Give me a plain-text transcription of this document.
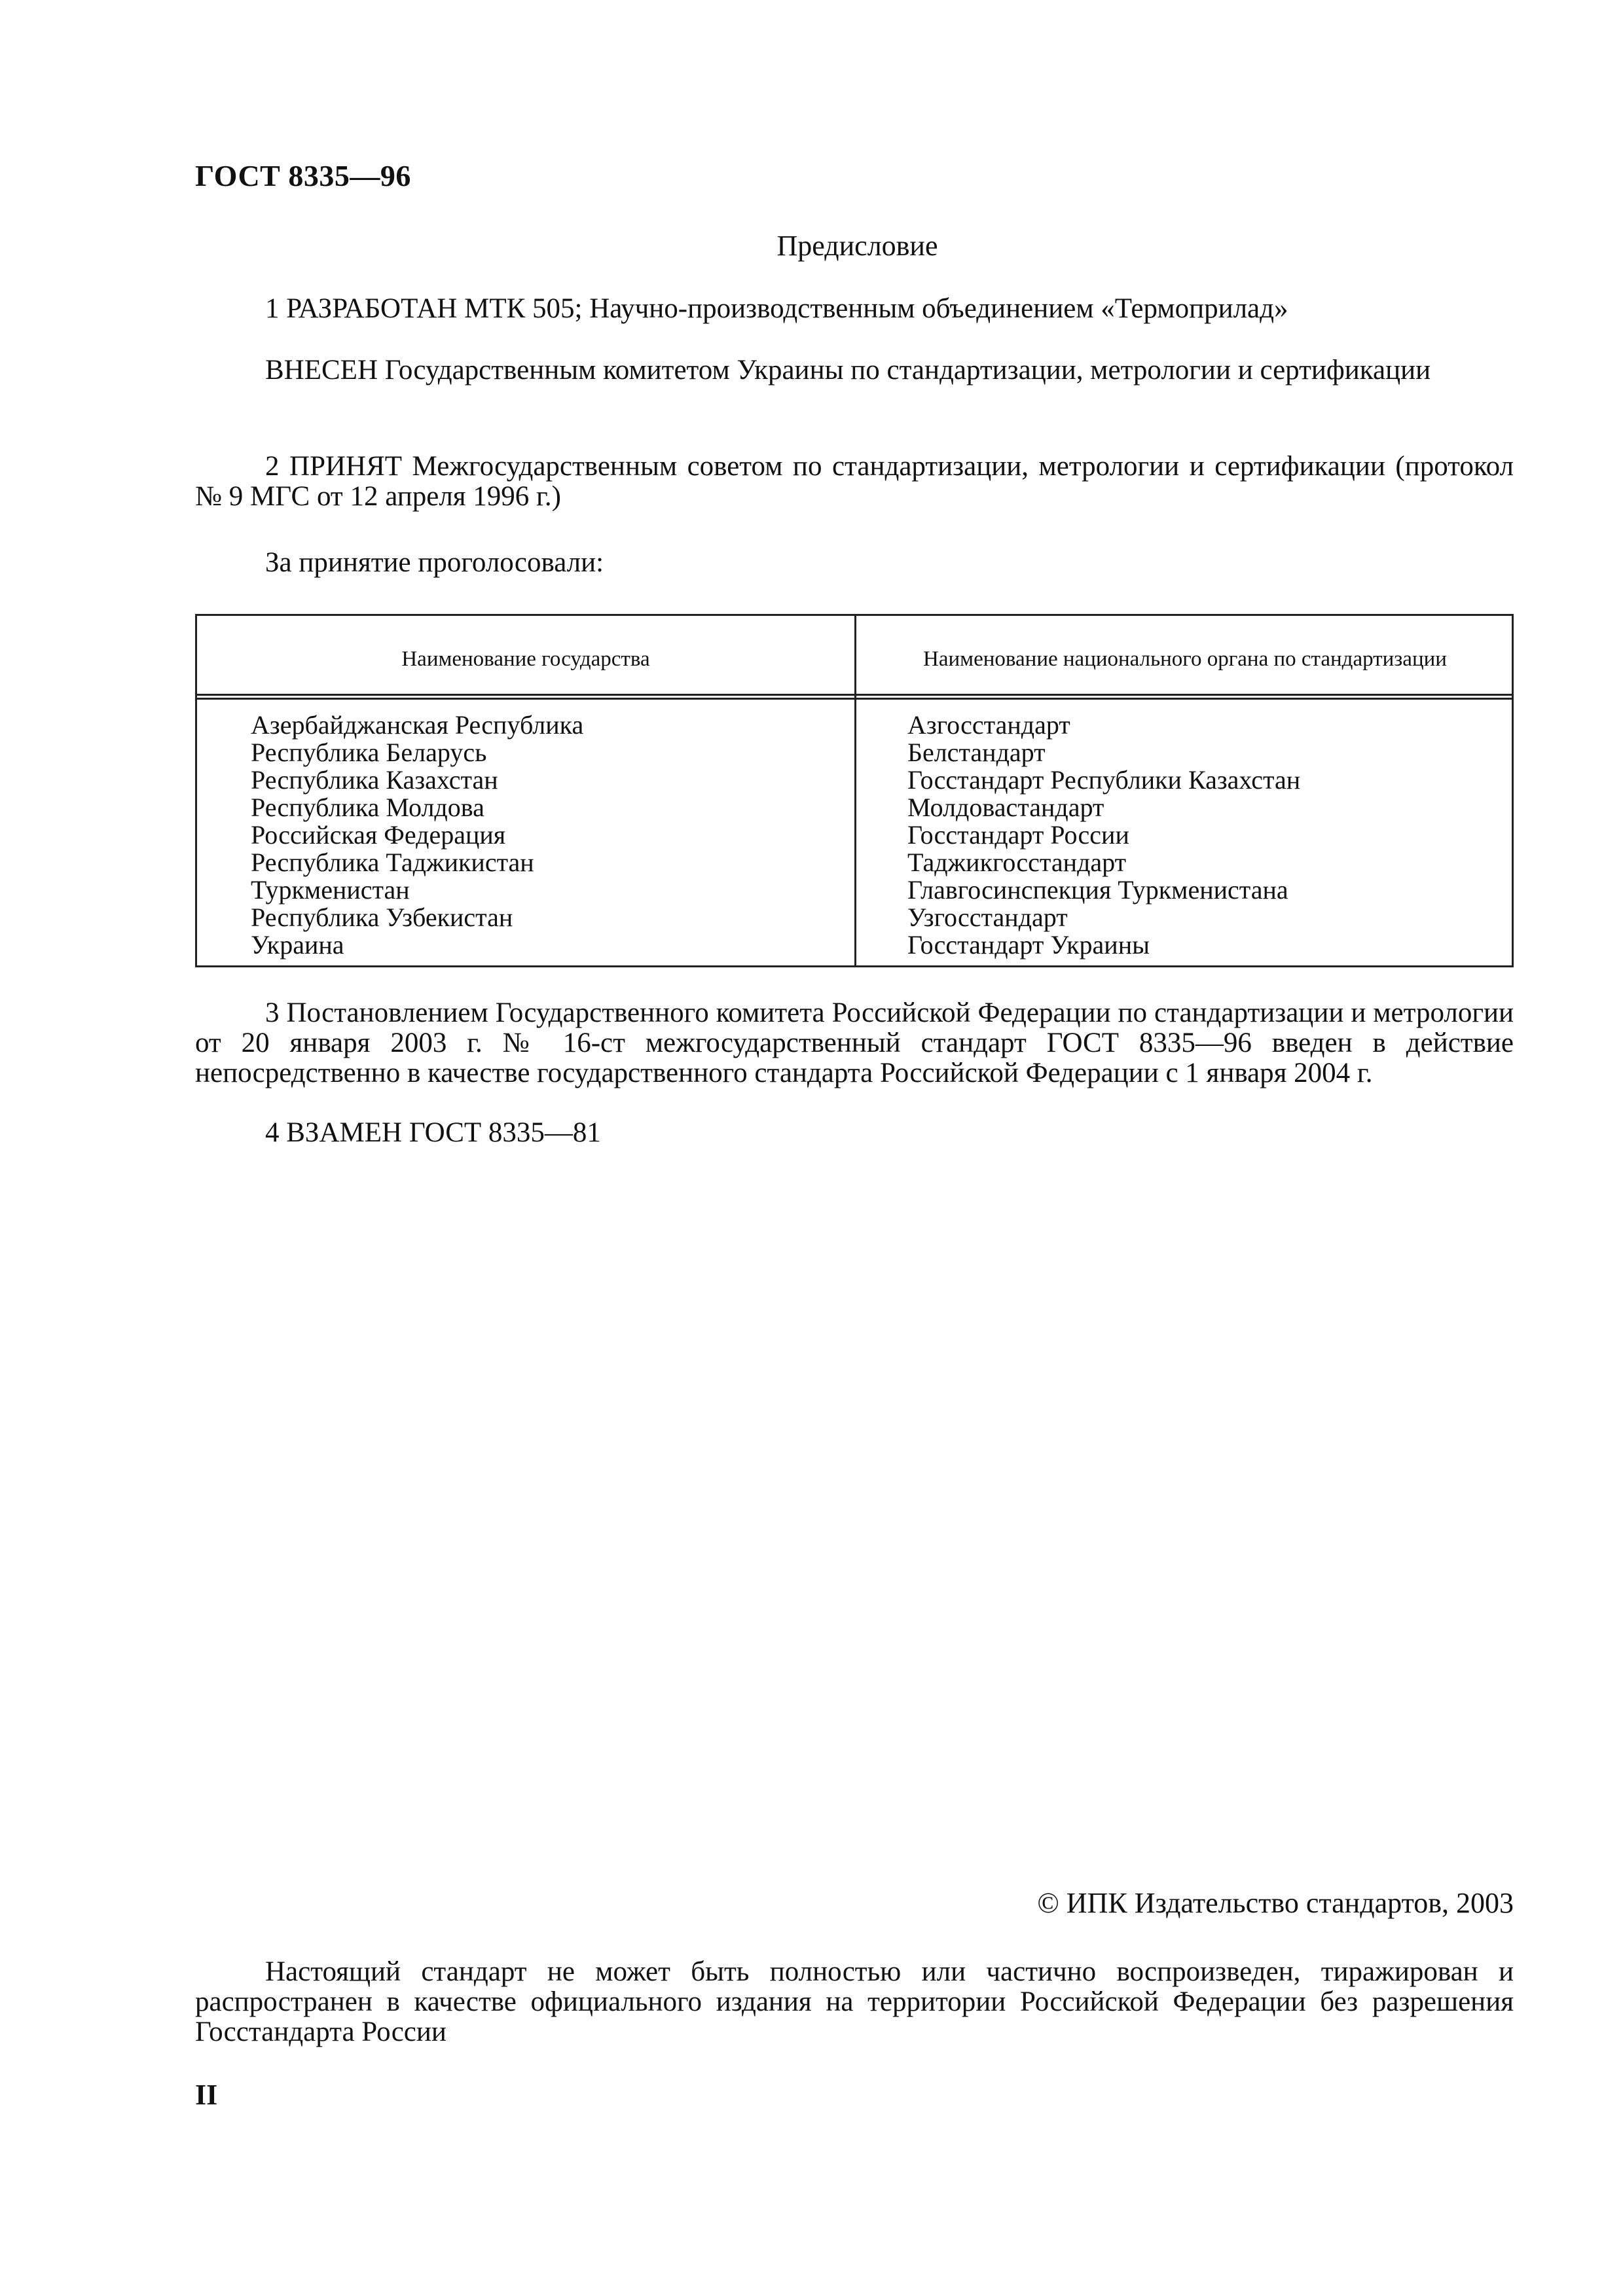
ГОСТ 8335—96
Предисловие

1 РАЗРАБОТАН МТК 505; Научно-производственным объединением «Термоприлад»

ВНЕСЕН Государственным комитетом Украины по стандартизации, метрологии и сертификации

2 ПРИНЯТ Межгосударственным советом по стандартизации, метрологии и сертификации (протокол № 9 МГС от 12 апреля 1996 г.)

За принятие проголосовали:

Наименование государства	Наименование национального органа по стандартизации
Азербайджанская Республика
Республика Беларусь
Республика Казахстан
Республика Молдова
Российская Федерация
Республика Таджикистан
Туркменистан
Республика Узбекистан
Украина
Азгосстандарт
Белстандарт
Госстандарт Республики Казахстан
Молдовастандарт
Госстандарт России
Таджикгосстандарт
Главгосинспекция Туркменистана
Узгосстандарт
Госстандарт Украины

3 Постановлением Государственного комитета Российской Федерации по стандартизации и метрологии от 20 января 2003 г. № 16-ст межгосударственный стандарт ГОСТ 8335—96 введен в действие непосредственно в качестве государственного стандарта Российской Федерации с 1 января 2004 г.

4 ВЗАМЕН ГОСТ 8335—81

© ИПК Издательство стандартов, 2003

Настоящий стандарт не может быть полностью или частично воспроизведен, тиражирован и распространен в качестве официального издания на территории Российской Федерации без разрешения Госстандарта России

II
